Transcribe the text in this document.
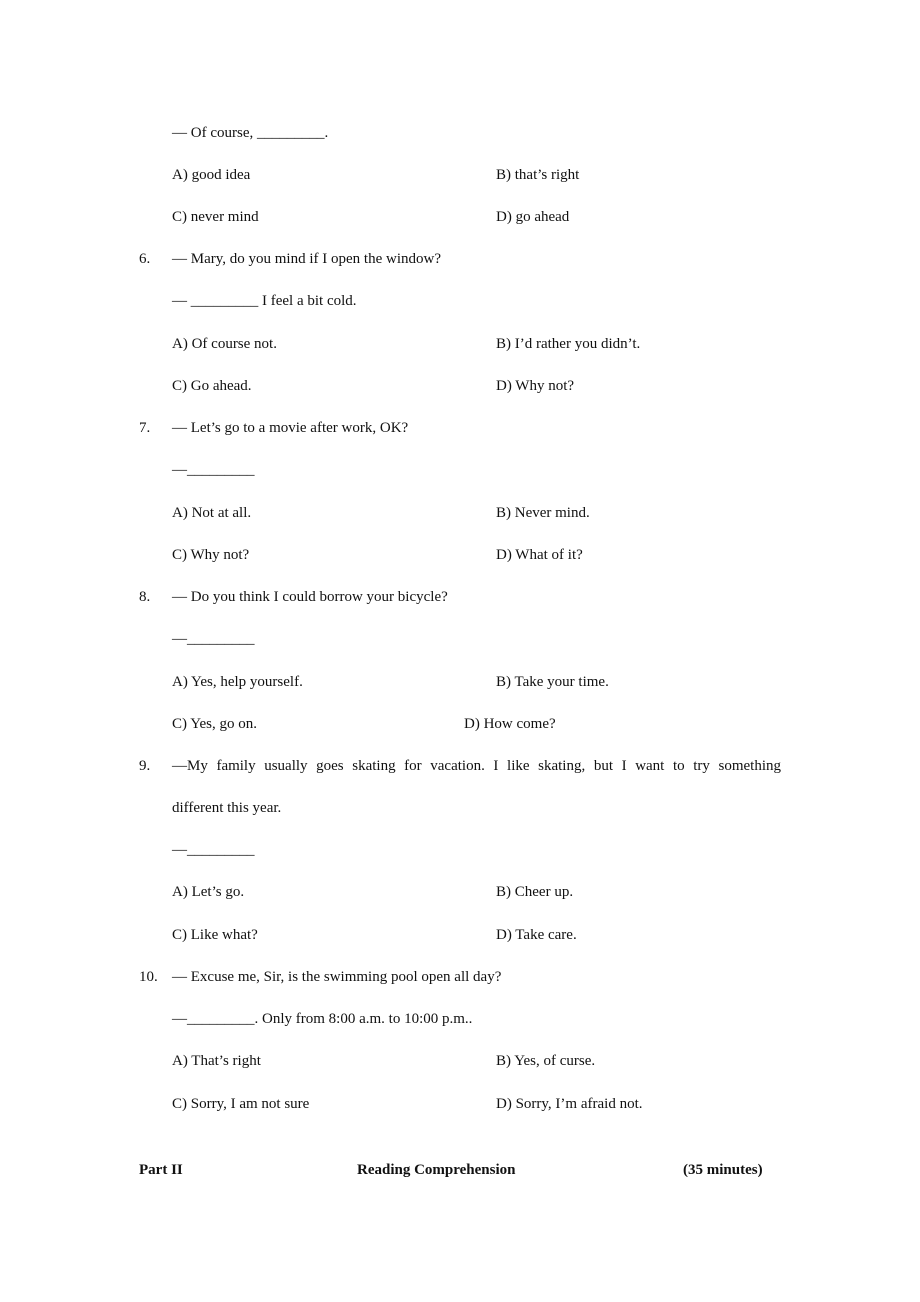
— Of course, _________.
A) good idea	B) that’s right
C) never mind	D) go ahead
6. — Mary, do you mind if I open the window?
— _________ I feel a bit cold.
A) Of course not.	B) I’d rather you didn’t.
C) Go ahead.	D) Why not?
7. — Let’s go to a movie after work, OK?
—_________
A) Not at all.	B) Never mind.
C) Why not?	D) What of it?
8. — Do you think I could borrow your bicycle?
—_________
A) Yes, help yourself.	B) Take your time.
C) Yes, go on.	D) How come?
9. —My family usually goes skating for vacation. I like skating, but I want to try something
different this year.
—_________
A) Let’s go.	B) Cheer up.
C) Like what?	D) Take care.
10. — Excuse me, Sir, is the swimming pool open all day?
—_________. Only from 8:00 a.m. to 10:00 p.m..
A) That’s right	B) Yes, of curse.
C) Sorry, I am not sure	D) Sorry, I’m afraid not.
Part II	Reading Comprehension	(35 minutes)
